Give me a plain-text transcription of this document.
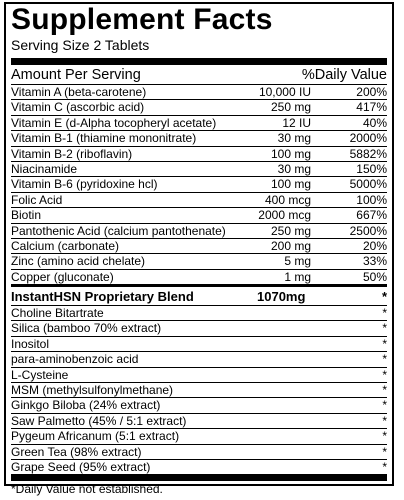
Supplement Facts
Serving Size 2 Tablets
Amount Per Serving	%Daily Value
Vitamin A (beta-carotene)	10,000 IU	200%
Vitamin C (ascorbic acid)	250 mg	417%
Vitamin E (d-Alpha tocopheryl acetate)	12 IU	40%
Vitamin B-1 (thiamine mononitrate)	30 mg	2000%
Vitamin B-2 (riboflavin)	100 mg	5882%
Niacinamide	30 mg	150%
Vitamin B-6 (pyridoxine hcl)	100 mg	5000%
Folic Acid	400 mcg	100%
Biotin	2000 mcg	667%
Pantothenic Acid (calcium pantothenate)	250 mg	2500%
Calcium (carbonate)	200 mg	20%
Zinc (amino acid chelate)	5 mg	33%
Copper (gluconate)	1 mg	50%
InstantHSN Proprietary Blend	1070mg	*
Choline Bitartrate	*
Silica (bamboo 70% extract)	*
Inositol	*
para-aminobenzoic acid	*
L-Cysteine	*
MSM (methylsulfonylmethane)	*
Ginkgo Biloba (24% extract)	*
Saw Palmetto (45% / 5:1 extract)	*
Pygeum Africanum (5:1 extract)	*
Green Tea (98% extract)	*
Grape Seed (95% extract)	*
*Daily Value not established.
